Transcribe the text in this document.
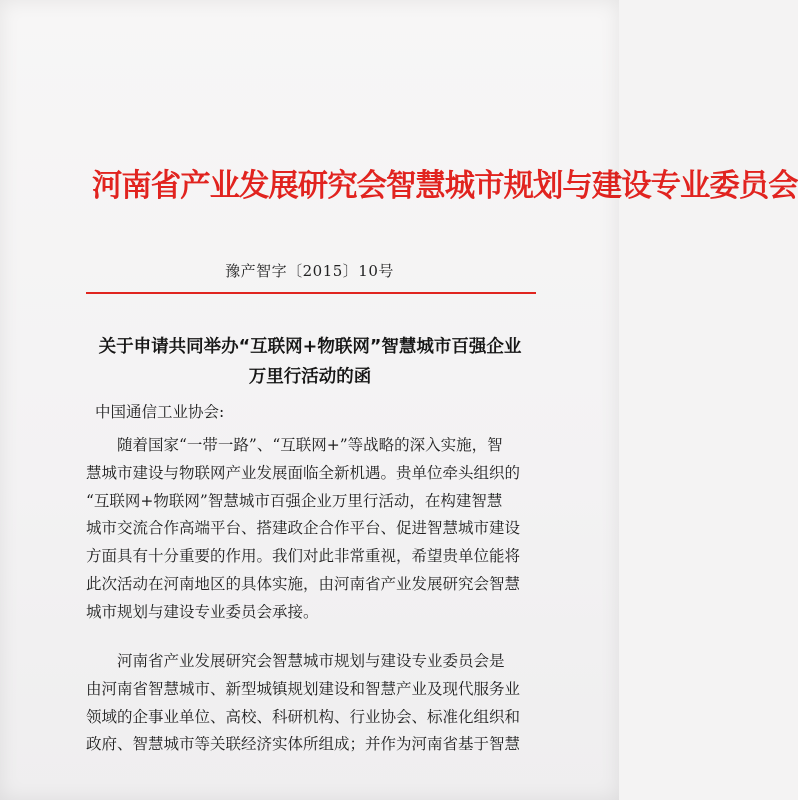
河南省产业发展研究会智慧城市规划与建设专业委员会
豫产智字〔2015〕10号
关于申请共同举办“互联网+物联网”智慧城市百强企业
万里行活动的函
中国通信工业协会:
随着国家“一带一路”、“互联网+”等战略的深入实施，智
慧城市建设与物联网产业发展面临全新机遇。贵单位牵头组织的
“互联网+物联网”智慧城市百强企业万里行活动，在构建智慧
城市交流合作高端平台、搭建政企合作平台、促进智慧城市建设
方面具有十分重要的作用。我们对此非常重视，希望贵单位能将
此次活动在河南地区的具体实施，由河南省产业发展研究会智慧
城市规划与建设专业委员会承接。
河南省产业发展研究会智慧城市规划与建设专业委员会是
由河南省智慧城市、新型城镇规划建设和智慧产业及现代服务业
领域的企事业单位、高校、科研机构、行业协会、标准化组织和
政府、智慧城市等关联经济实体所组成；并作为河南省基于智慧
